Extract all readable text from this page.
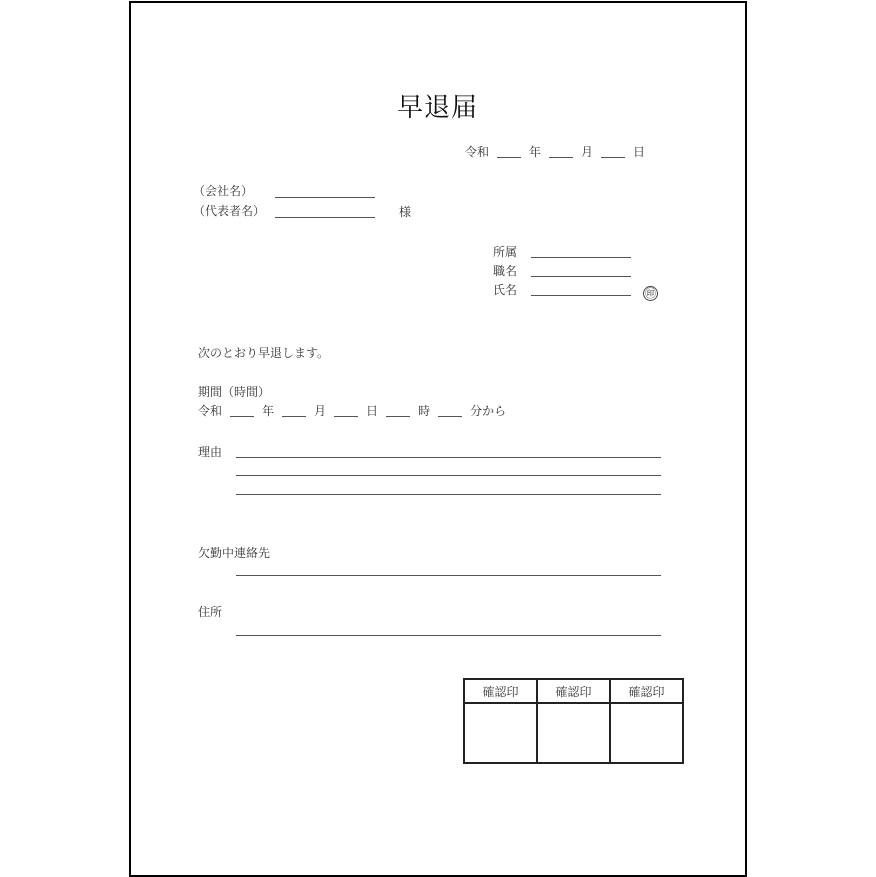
早退届
令和	年	月	日
（会社名）
（代表者名）	様
所属
職名
氏名	㊞
次のとおり早退します。
期間（時間）
令和	年	月	日	時	分から
理由
欠勤中連絡先
住所
確認印	確認印	確認印
